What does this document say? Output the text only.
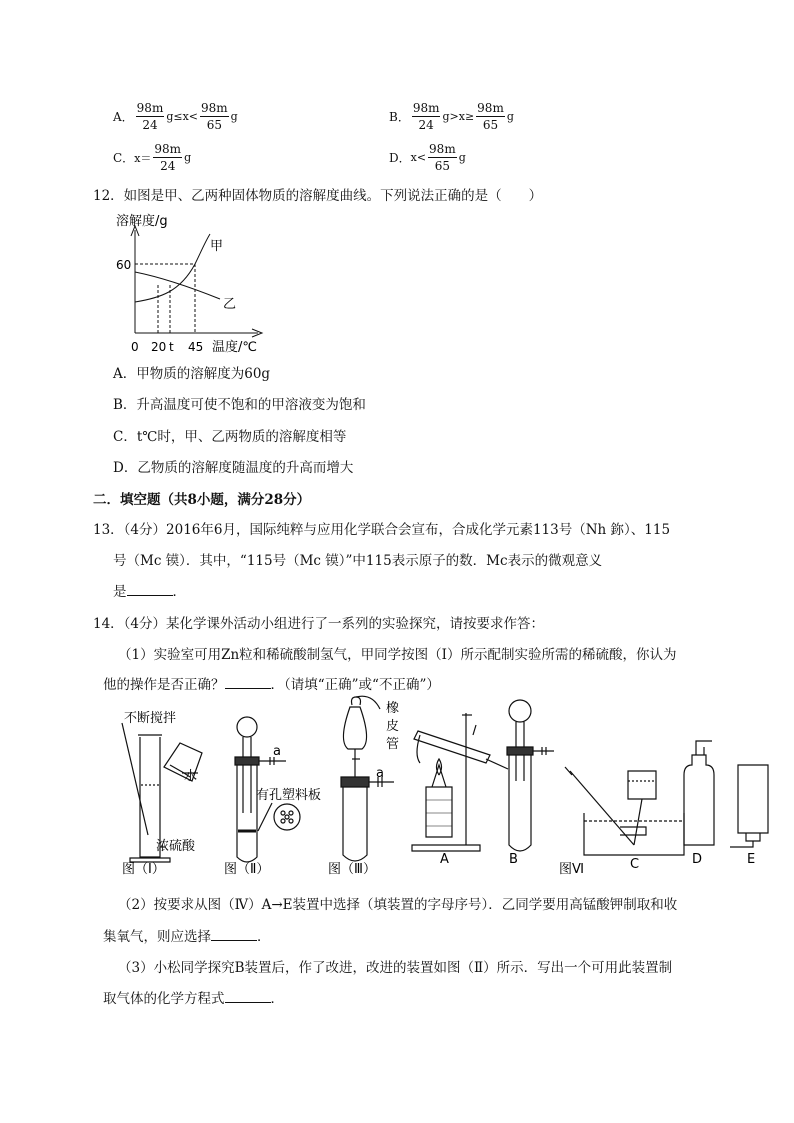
A． $\frac{98m}{24} g\le x< \frac{98m}{65}$ g	B． $\frac{98m}{24} g>x\ge \frac{98m}{65}$ g
C． $x= \frac{98m}{24}$ g	D． $x< \frac{98m}{65}$ g
12．如图是甲、乙两种固体物质的溶解度曲线。下列说法正确的是（　　）
溶解度/g
甲
乙
60
0 20 t 45 温度/℃
A．甲物质的溶解度为60g
B．升高温度可使不饱和的甲溶液变为饱和
C．t℃时，甲、乙两物质的溶解度相等
D．乙物质的溶解度随温度的升高而增大
二．填空题（共8小题，满分28分）
13．（4分）2016年6月，国际纯粹与应用化学联合会宣布，合成化学元素113号（Nh 鉨）、115
号（Mc 镆）．其中，“115号（Mc 镆）”中115表示原子的数．Mc表示的微观意义
是	．
14．（4分）某化学课外活动小组进行了一系列的实验探究，请按要求作答：
（1）实验室可用Zn粒和稀硫酸制氢气，甲同学按图（Ⅰ）所示配制实验所需的稀硫酸，你认为
他的操作是否正确？	．（请填“正确”或“不正确”）
不断搅拌
水
浓硫酸
有孔塑料板
a
a
橡
皮
管
图（Ⅰ）	图（Ⅱ）	图（Ⅲ）	图Ⅵ
A	B	C	D	E
（2）按要求从图（Ⅳ）A→E装置中选择（填装置的字母序号）．乙同学要用高锰酸钾制取和收
集氧气，则应选择	．
（3）小松同学探究B装置后，作了改进，改进的装置如图（Ⅱ）所示．写出一个可用此装置制
取气体的化学方程式	．
